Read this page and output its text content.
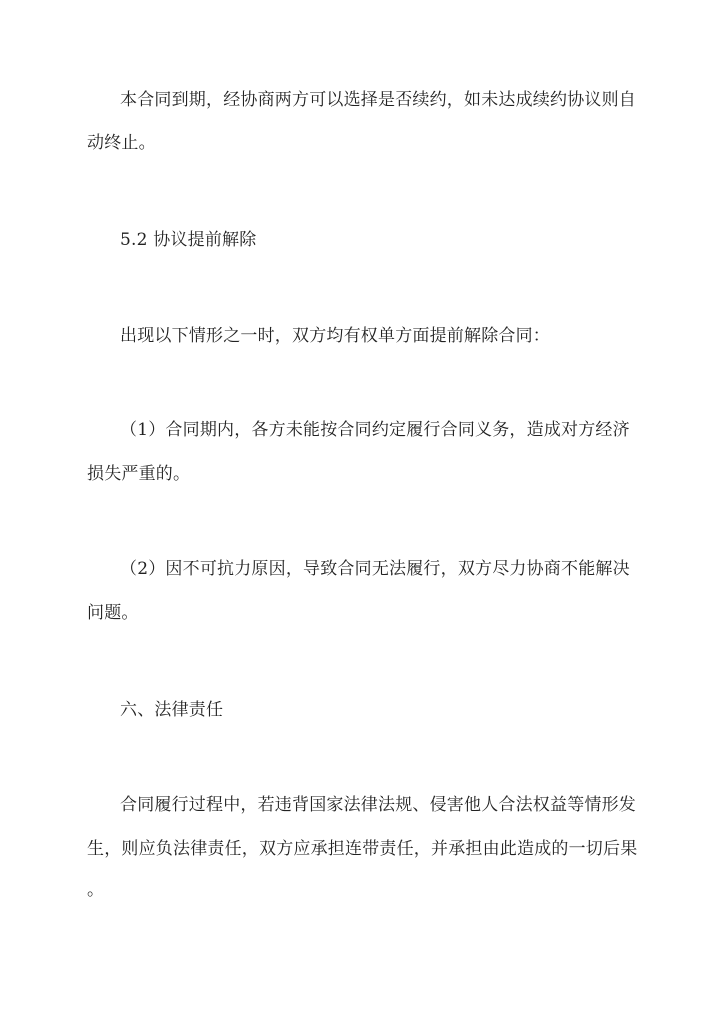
本合同到期，经协商两方可以选择是否续约，如未达成续约协议则自
动终止。
5.2 协议提前解除
出现以下情形之一时，双方均有权单方面提前解除合同：
（1）合同期内，各方未能按合同约定履行合同义务，造成对方经济
损失严重的。
（2）因不可抗力原因，导致合同无法履行，双方尽力协商不能解决
问题。
六、法律责任
合同履行过程中，若违背国家法律法规、侵害他人合法权益等情形发
生，则应负法律责任，双方应承担连带责任，并承担由此造成的一切后果
。
